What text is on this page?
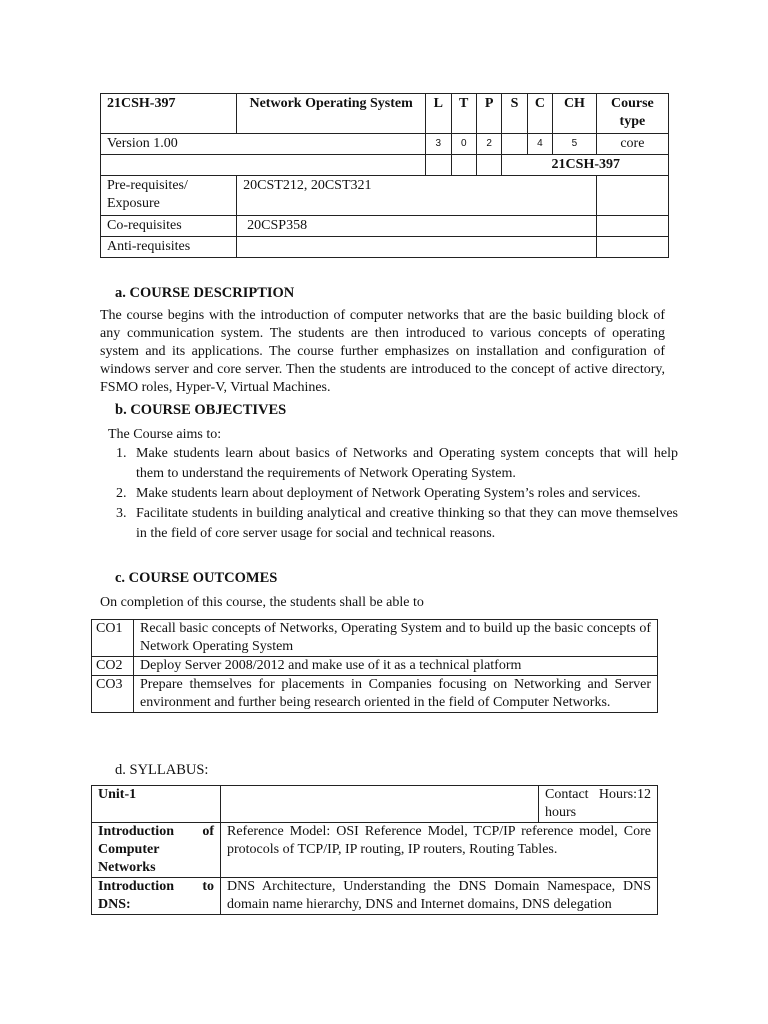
21CSH-397	Network Operating System	L	T	P	S	C	CH	Course type
Version 1.00		3	0	2		4	5	core
					21CSH-397			
Pre-requisites/ Exposure	20CST212, 20CST321							
Co-requisites	20CSP358							
Anti-requisites								
a. COURSE DESCRIPTION
The course begins with the introduction of computer networks that are the basic building block of any communication system. The students are then introduced to various concepts of operating system and its applications. The course further emphasizes on installation and configuration of windows server and core server. Then the students are introduced to the concept of active directory, FSMO roles, Hyper-V, Virtual Machines.
b. COURSE OBJECTIVES
The Course aims to:
1. Make students learn about basics of Networks and Operating system concepts that will help them to understand the requirements of Network Operating System.
2. Make students learn about deployment of Network Operating System’s roles and services.
3. Facilitate students in building analytical and creative thinking so that they can move themselves in the field of core server usage for social and technical reasons.
c. COURSE OUTCOMES
On completion of this course, the students shall be able to
CO1	Recall basic concepts of Networks, Operating System and to build up the basic concepts of Network Operating System
CO2	Deploy Server 2008/2012 and make use of it as a technical platform
CO3	Prepare themselves for placements in Companies focusing on Networking and Server environment and further being research oriented in the field of Computer Networks.
d. SYLLABUS:
Unit-1		Contact Hours:12 hours
Introduction of Computer Networks	Reference Model: OSI Reference Model, TCP/IP reference model, Core protocols of TCP/IP, IP routing, IP routers, Routing Tables.	
Introduction to DNS:	DNS Architecture, Understanding the DNS Domain Namespace, DNS domain name hierarchy, DNS and Internet domains, DNS delegation	
